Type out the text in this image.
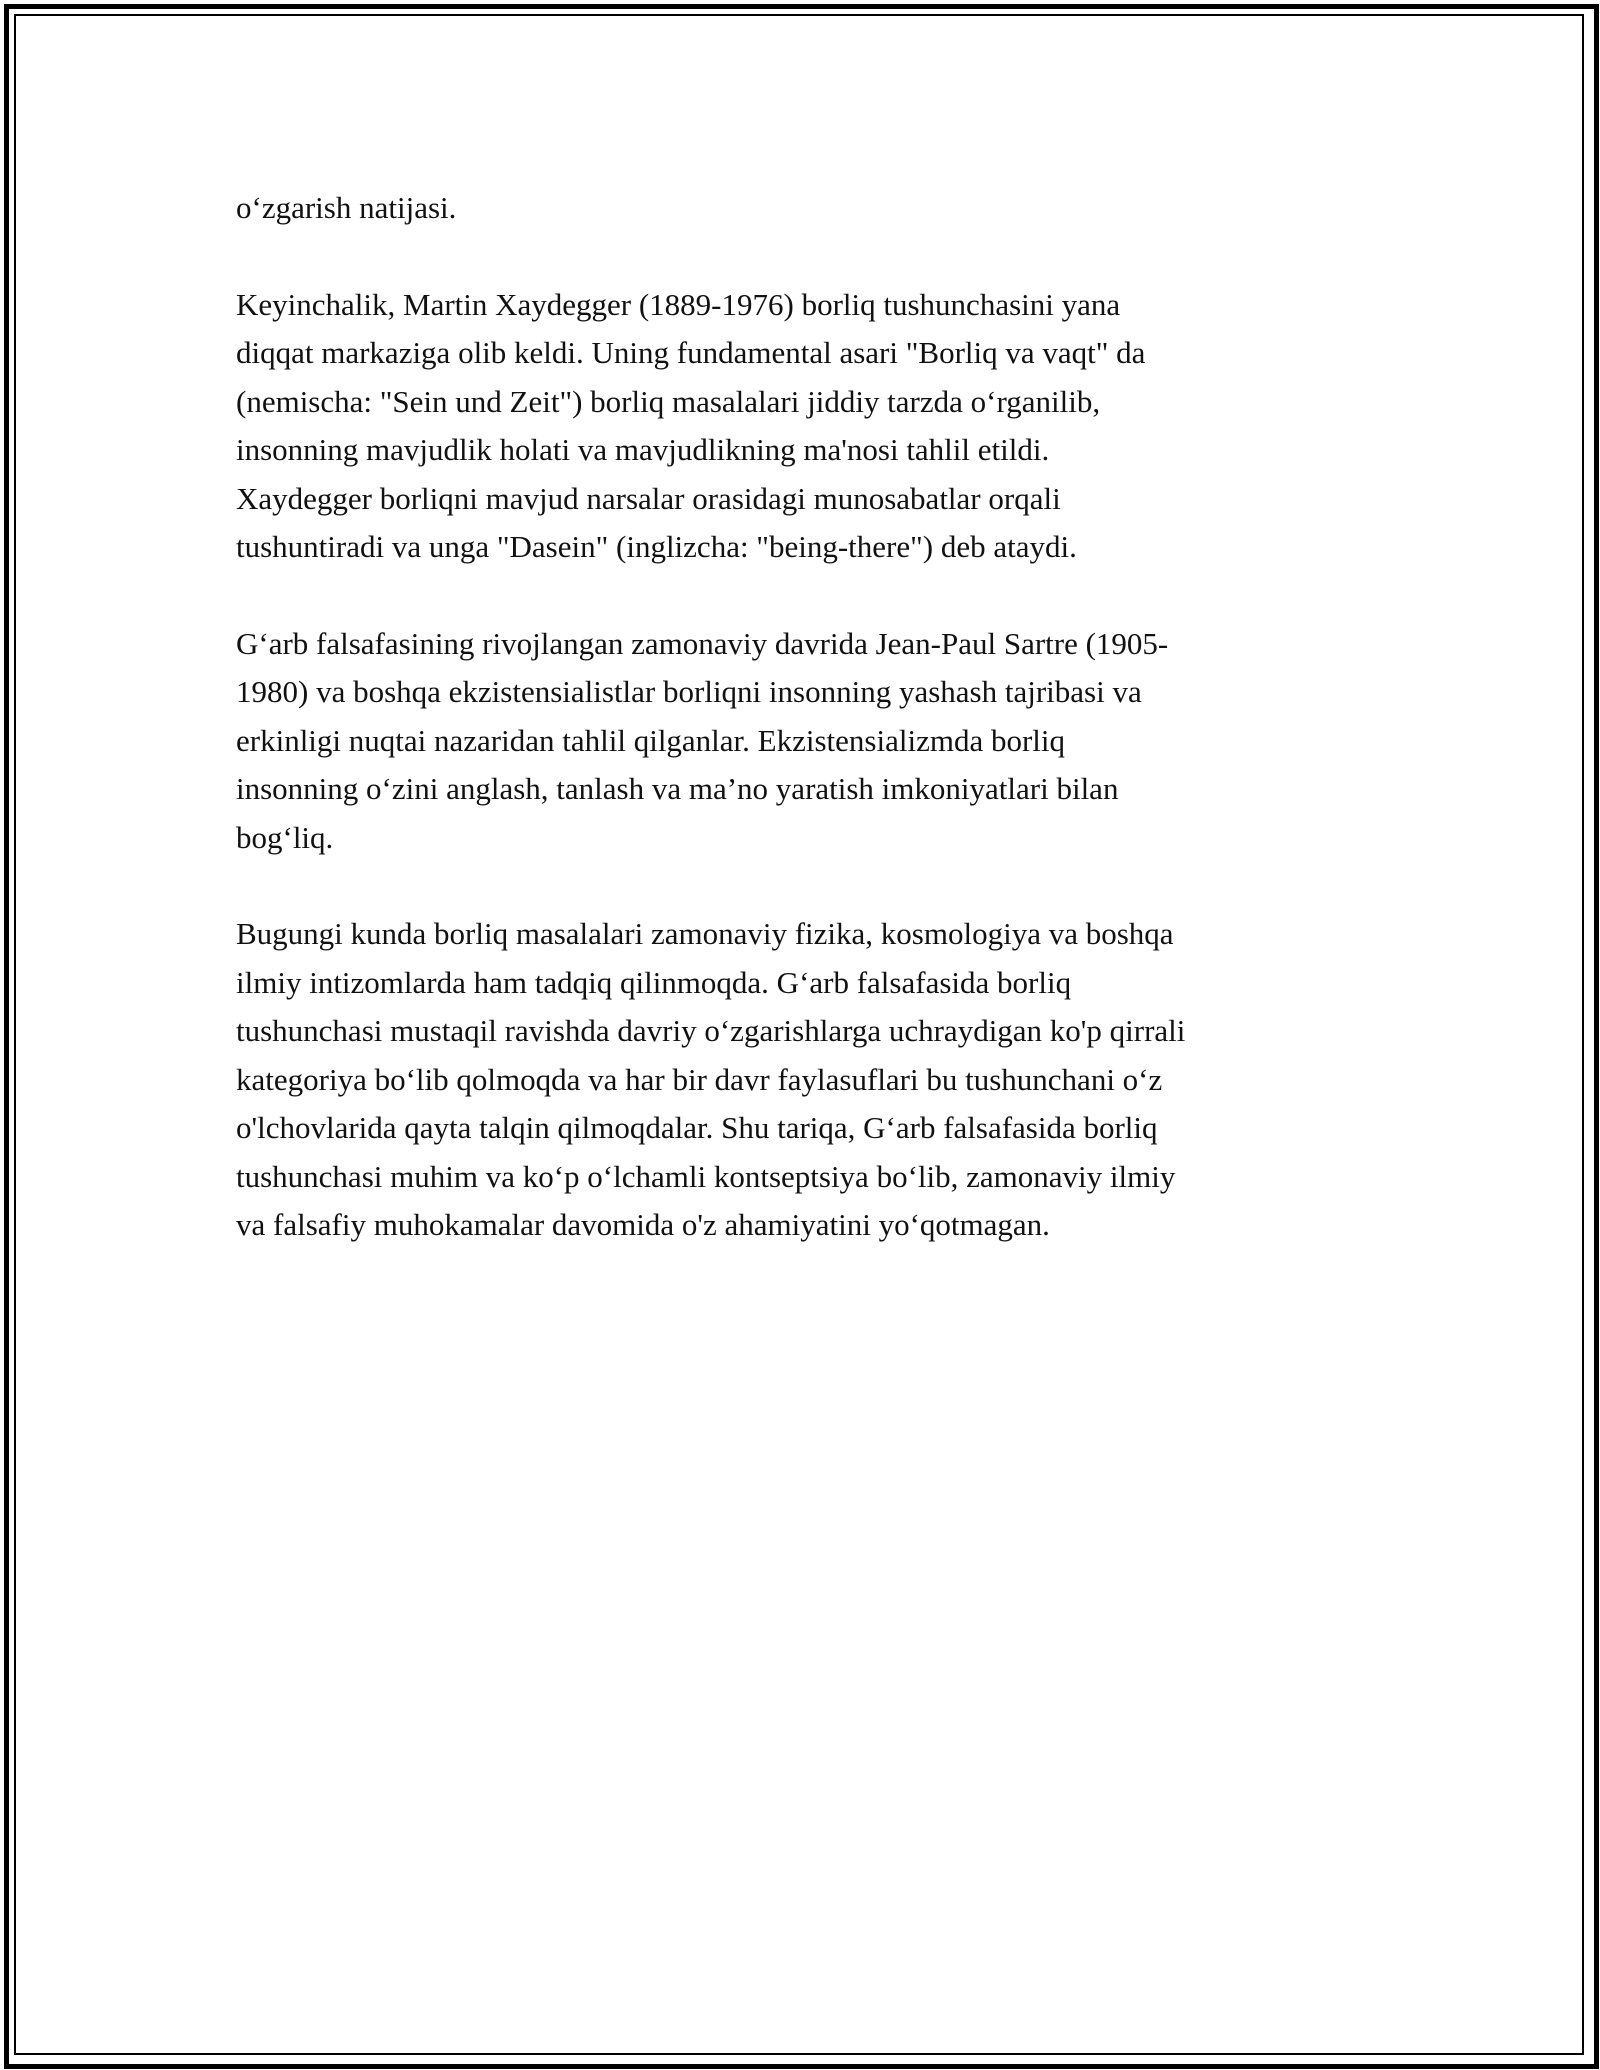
o‘zgarish natijasi.

Keyinchalik, Martin Xaydegger (1889-1976) borliq tushunchasini yana
diqqat markaziga olib keldi. Uning fundamental asari "Borliq va vaqt" da
(nemischa: "Sein und Zeit") borliq masalalari jiddiy tarzda o‘rganilib,
insonning mavjudlik holati va mavjudlikning ma'nosi tahlil etildi.
Xaydegger borliqni mavjud narsalar orasidagi munosabatlar orqali
tushuntiradi va unga "Dasein" (inglizcha: "being-there") deb ataydi.

G‘arb falsafasining rivojlangan zamonaviy davrida Jean-Paul Sartre (1905-
1980) va boshqa ekzistensialistlar borliqni insonning yashash tajribasi va
erkinligi nuqtai nazaridan tahlil qilganlar. Ekzistensializmda borliq
insonning o‘zini anglash, tanlash va ma’no yaratish imkoniyatlari bilan
bog‘liq.

Bugungi kunda borliq masalalari zamonaviy fizika, kosmologiya va boshqa
ilmiy intizomlarda ham tadqiq qilinmoqda. G‘arb falsafasida borliq
tushunchasi mustaqil ravishda davriy o‘zgarishlarga uchraydigan ko'p qirrali
kategoriya bo‘lib qolmoqda va har bir davr faylasuflari bu tushunchani o‘z
o'lchovlarida qayta talqin qilmoqdalar. Shu tariqa, G‘arb falsafasida borliq
tushunchasi muhim va ko‘p o‘lchamli kontseptsiya bo‘lib, zamonaviy ilmiy
va falsafiy muhokamalar davomida o'z ahamiyatini yo‘qotmagan.
